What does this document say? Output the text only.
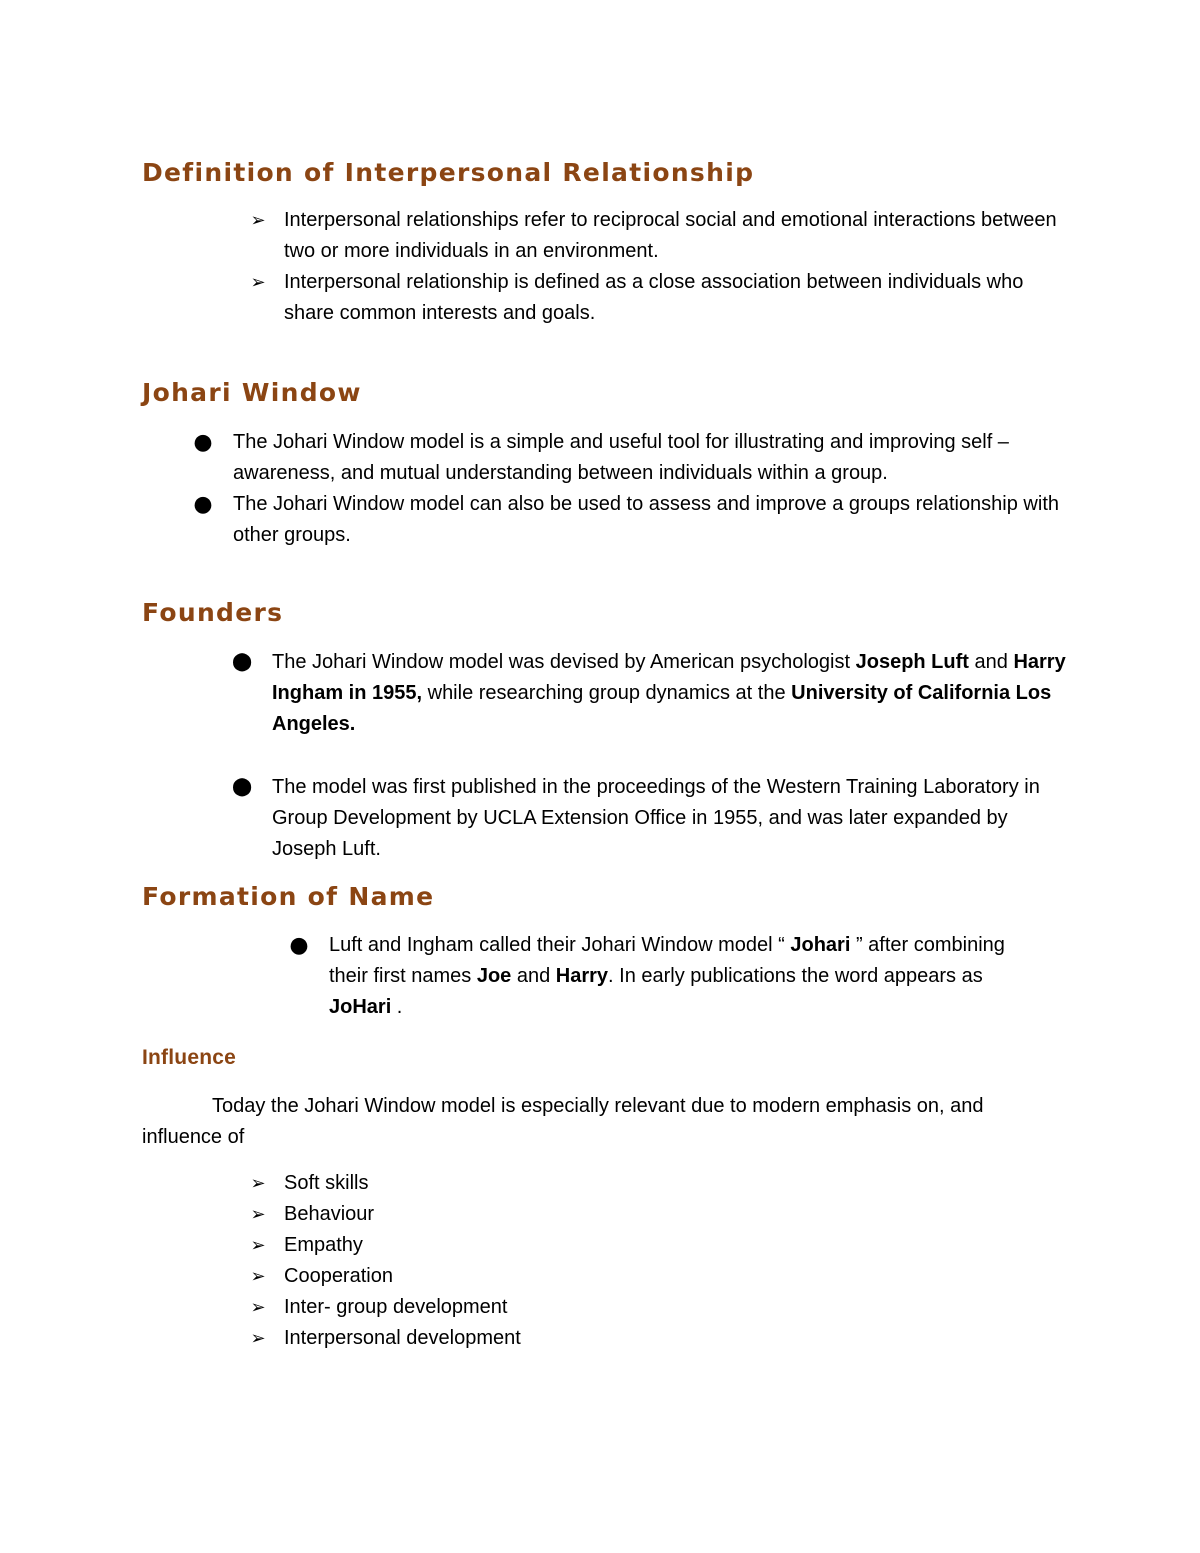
Definition of Interpersonal Relationship
➢ Interpersonal relationships refer to reciprocal social and emotional interactions between two or more individuals in an environment.
➢ Interpersonal relationship is defined as a close association between individuals who share common interests and goals.
Johari Window
● The Johari Window model is a simple and useful tool for illustrating and improving self – awareness, and mutual understanding between individuals within a group.
● The Johari Window model can also be used to assess and improve a groups relationship with other groups.
Founders
⬤ The Johari Window model was devised by American psychologist Joseph Luft and Harry Ingham in 1955, while researching group dynamics at the University of California Los Angeles.
⬤ The model was first published in the proceedings of the Western Training Laboratory in Group Development by UCLA Extension Office in 1955, and was later expanded by Joseph Luft.
Formation of Name
● Luft and Ingham called their Johari Window model “ Johari ” after combining their first names Joe and Harry. In early publications the word appears as JoHari .
Influence

Today the Johari Window model is especially relevant due to modern emphasis on, and influence of

➢ Soft skills
➢ Behaviour
➢ Empathy
➢ Cooperation
➢ Inter- group development
➢ Interpersonal development
